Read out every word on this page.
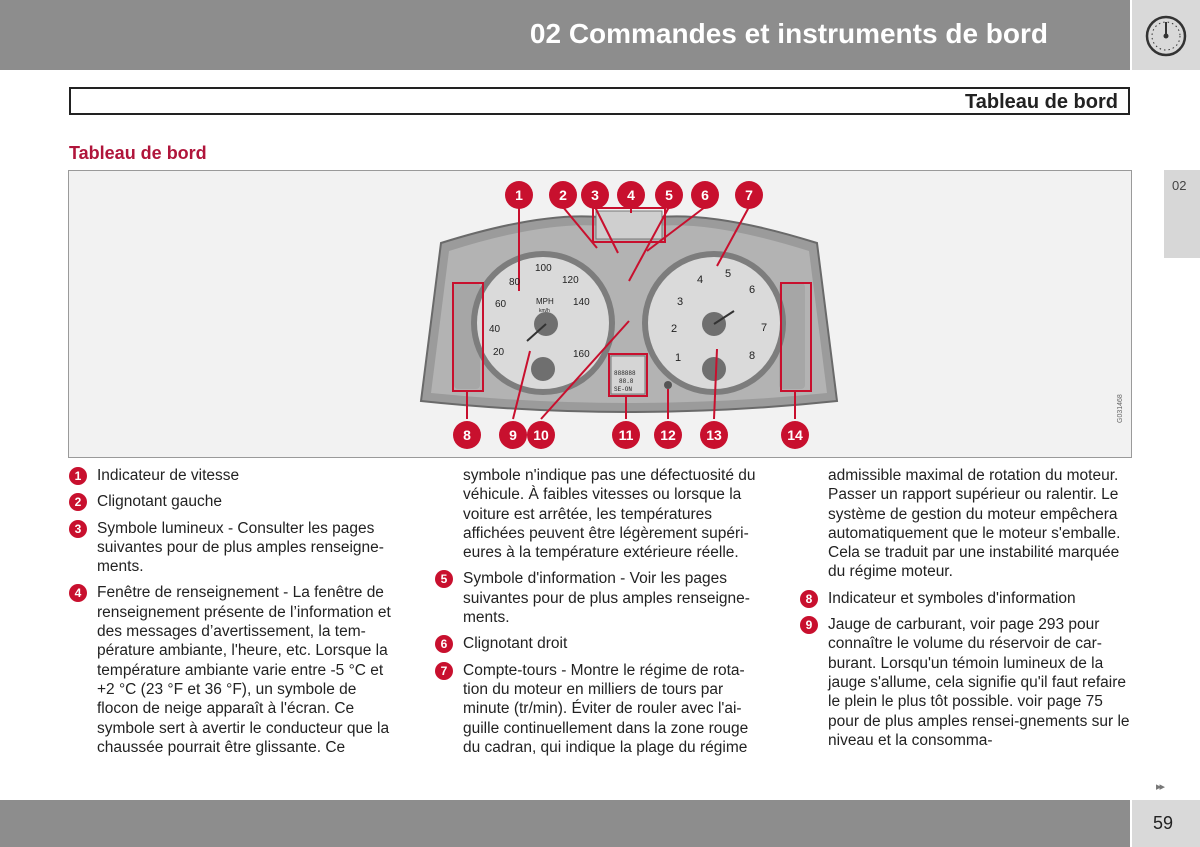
02 Commandes et instruments de bord
Tableau de bord
02
Tableau de bord
20
40
60
80
100
120
140
160
MPH
km/h
1
2
3
4 5
6
7
8
888888
88.8
SE-ON
1	2 3 4 5 6	7
8	9 10	11 12 13	14
G031468
1	Indicateur de vitesse
2	Clignotant gauche
3	Symbole lumineux - Consulter les pages suivantes pour de plus amples renseigne-ments.
4	Fenêtre de renseignement - La fenêtre de renseignement présente de l’information et des messages d’avertissement, la tem-pérature ambiante, l'heure, etc. Lorsque la température ambiante varie entre -5 °C et +2 °C (23 °F et 36 °F), un symbole de flocon de neige apparaît à l'écran. Ce symbole sert à avertir le conducteur que la chaussée pourrait être glissante. Ce
symbole n'indique pas une défectuosité du véhicule. À faibles vitesses ou lorsque la voiture est arrêtée, les températures affichées peuvent être légèrement supéri-eures à la température extérieure réelle.
5	Symbole d'information - Voir les pages suivantes pour de plus amples renseigne-ments.
6	Clignotant droit
7	Compte-tours - Montre le régime de rota-tion du moteur en milliers de tours par minute (tr/min). Éviter de rouler avec l'ai-guille continuellement dans la zone rouge du cadran, qui indique la plage du régime
admissible maximal de rotation du moteur. Passer un rapport supérieur ou ralentir. Le système de gestion du moteur empêchera automatiquement que le moteur s'emballe. Cela se traduit par une instabilité marquée du régime moteur.
8	Indicateur et symboles d'information
9	Jauge de carburant, voir page 293 pour connaître le volume du réservoir de car-burant. Lorsqu'un témoin lumineux de la jauge s'allume, cela signifie qu'il faut refaire le plein le plus tôt possible. voir page 75 pour de plus amples rensei-gnements sur le niveau et la consomma-
▸▸
59
